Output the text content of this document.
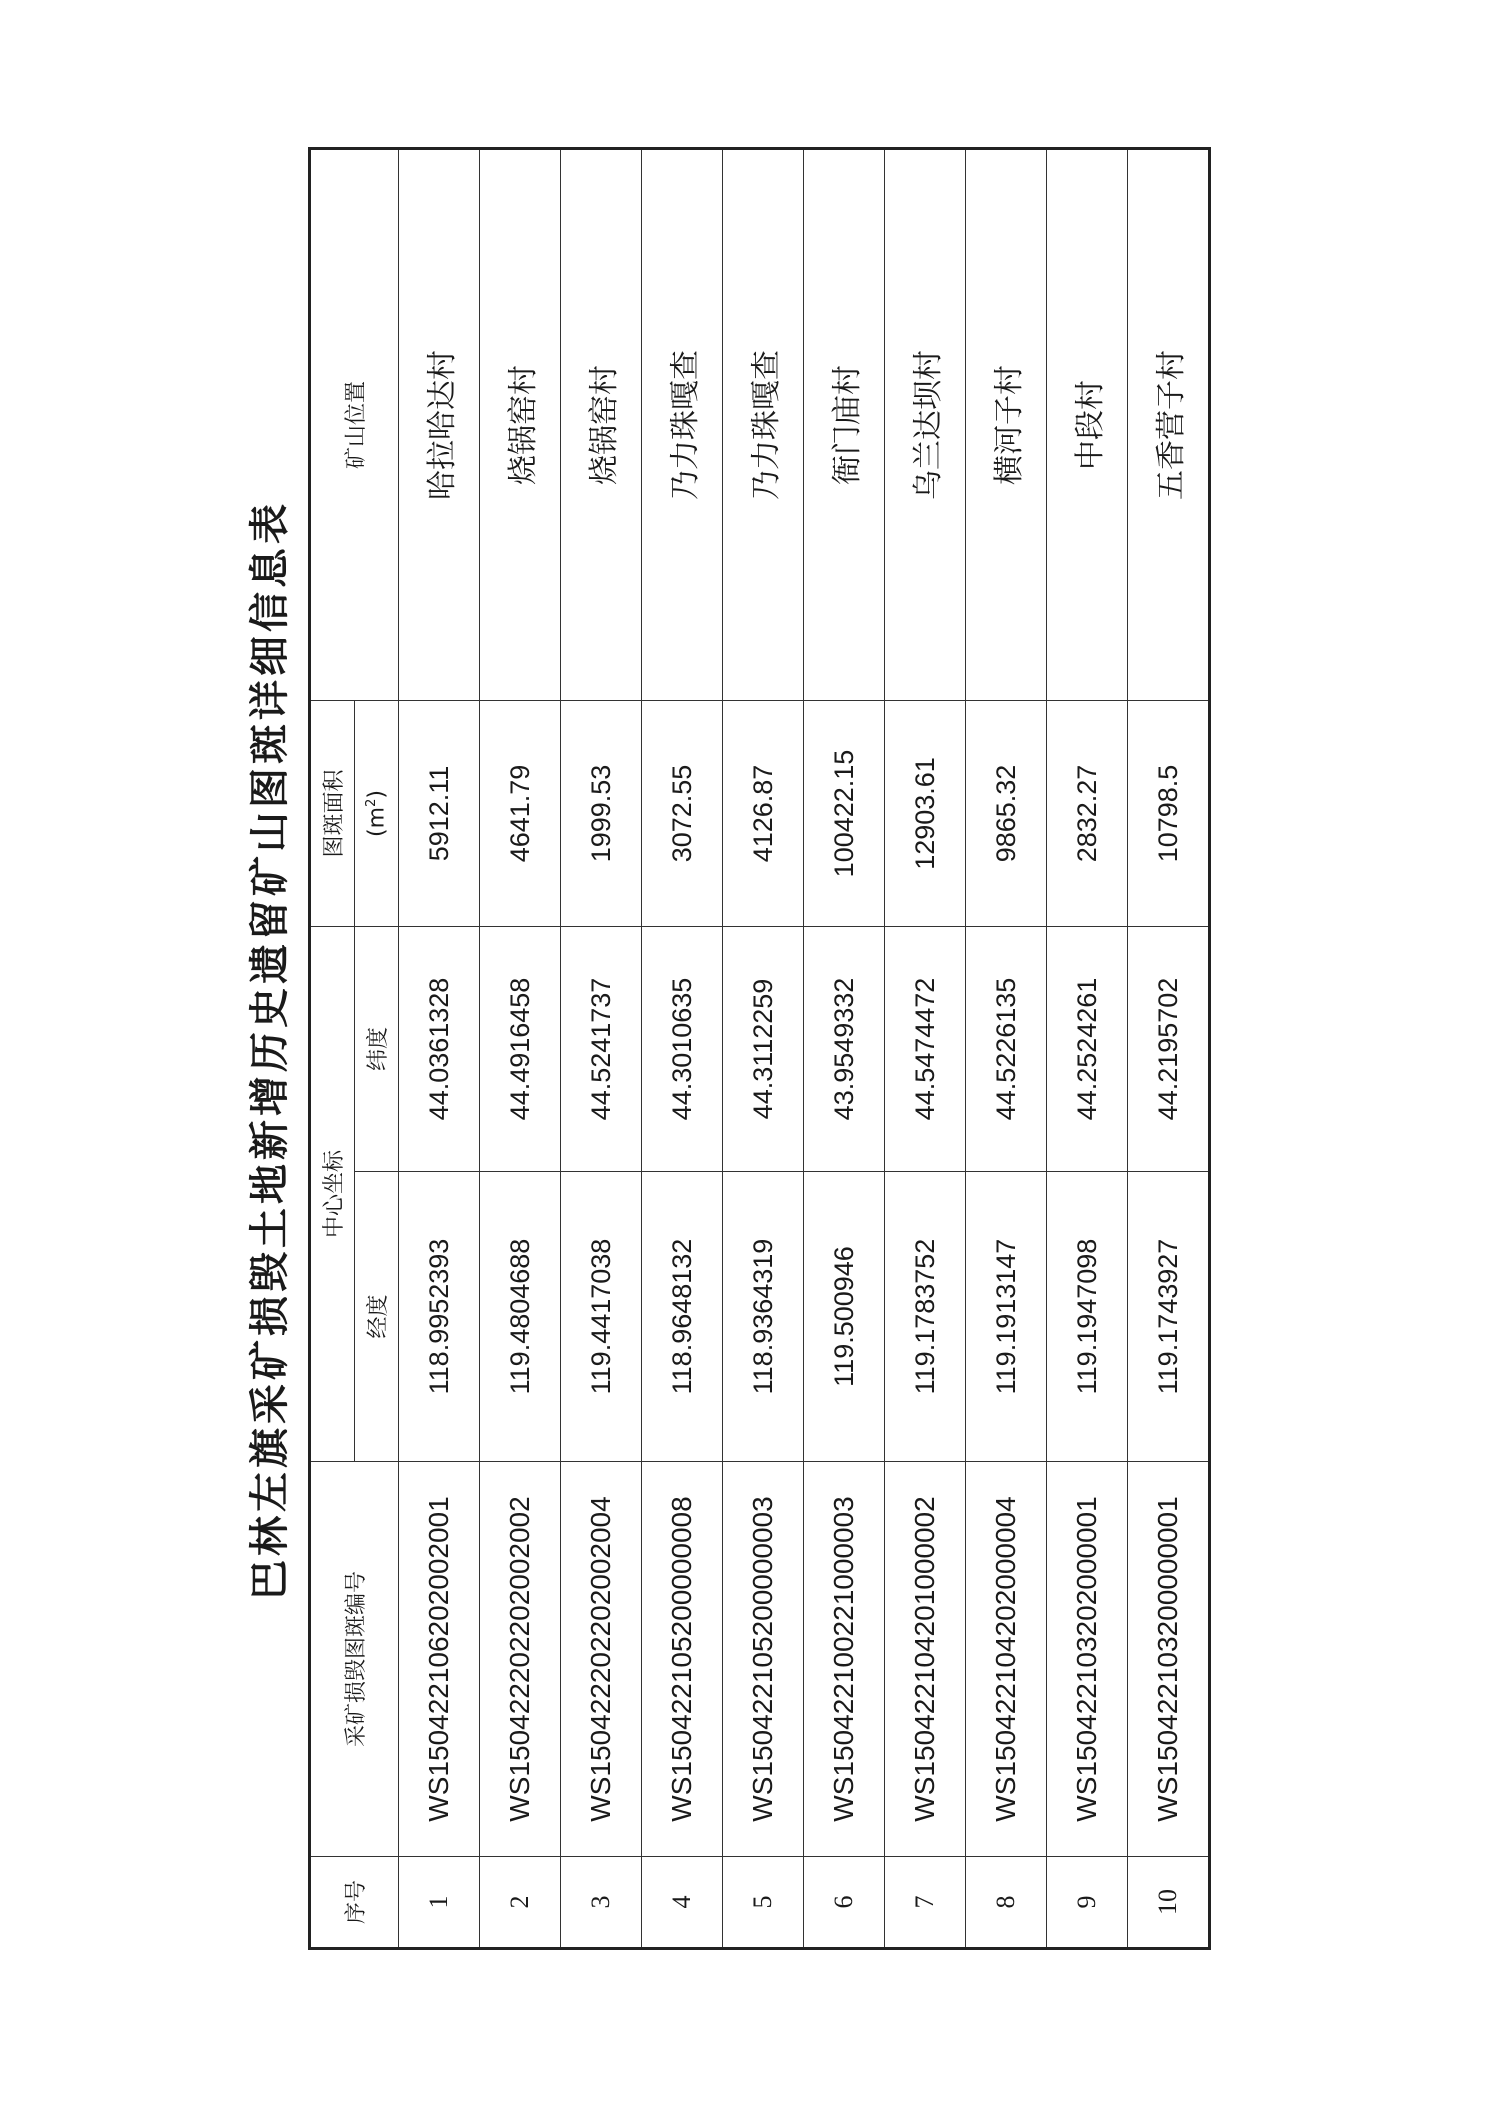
巴林左旗采矿损毁土地新增历史遗留矿山图斑详细信息表
序号	采矿损毁图斑编号	中心坐标		图斑面积	矿山位置
		经度	纬度	$(m^2)$	
1	WS150422106202002001	118.9952393	44.0361328	5912.11	哈拉哈达村
2	WS150422202202002002	119.4804688	44.4916458	4641.79	烧锅窑村
3	WS150422202202002004	119.4417038	44.5241737	1999.53	烧锅窑村
4	WS150422105200000008	118.9648132	44.3010635	3072.55	乃力珠嘎查
5	WS150422105200000003	118.9364319	44.3112259	4126.87	乃力珠嘎查
6	WS150422100221000003	119.500946	43.9549332	100422.15	衙门庙村
7	WS150422104201000002	119.1783752	44.5474472	12903.61	乌兰达坝村
8	WS150422104202000004	119.1913147	44.5226135	9865.32	横河子村
9	WS150422103202000001	119.1947098	44.2524261	2832.27	中段村
10	WS150422103200000001	119.1743927	44.2195702	10798.5	五香营子村
